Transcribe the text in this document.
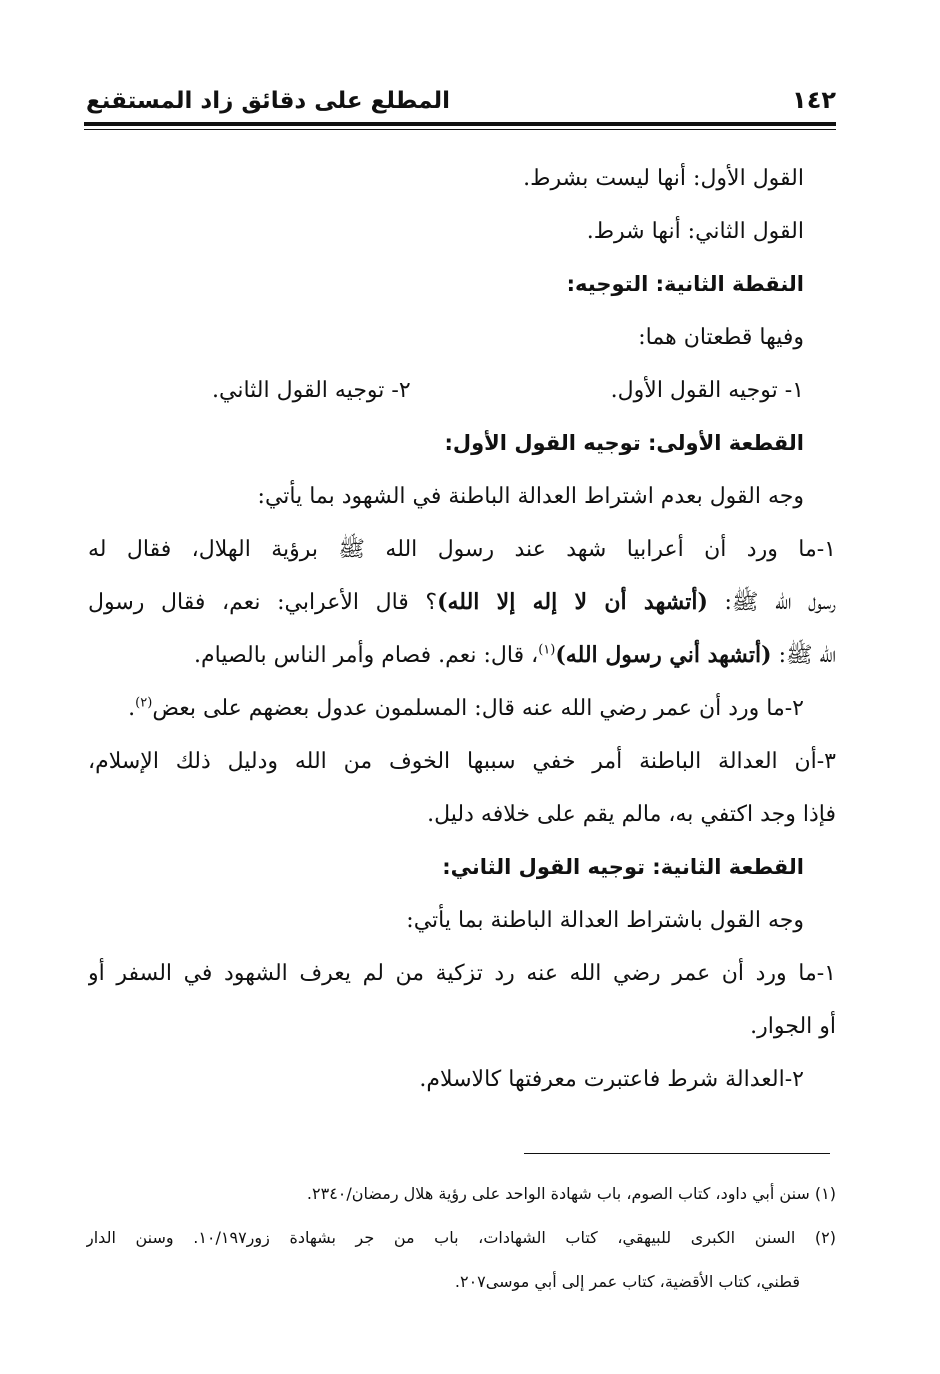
١٤٢
المطلع على دقائق زاد المستقنع
القول الأول: أنها ليست بشرط.
القول الثاني: أنها شرط.
النقطة الثانية: التوجيه:
وفيها قطعتان هما:
١- توجيه القول الأول.
٢- توجيه القول الثاني.
القطعة الأولى: توجيه القول الأول:
وجه القول بعدم اشتراط العدالة الباطنة في الشهود بما يأتي:
١-ما ورد أن أعرابيا شهد عند رسول الله ﷺ برؤية الهلال، فقال له
رسول الله ﷺ: (أتشهد أن لا إله إلا الله)؟ قال الأعرابي: نعم، فقال رسول
الله ﷺ: (أتشهد أني رسول الله)$^{(١)}$، قال: نعم. فصام وأمر الناس بالصيام.
٢-ما ورد أن عمر رضي الله عنه قال: المسلمون عدول بعضهم على بعض$^{(٢)}$.
٣-أن العدالة الباطنة أمر خفي سببها الخوف من الله ودليل ذلك الإسلام،
فإذا وجد اكتفي به، مالم يقم على خلافه دليل.
القطعة الثانية: توجيه القول الثاني:
وجه القول باشتراط العدالة الباطنة بما يأتي:
١-ما ورد أن عمر رضي الله عنه رد تزكية من لم يعرف الشهود في السفر أو
أو الجوار.
٢-العدالة شرط فاعتبرت معرفتها كالاسلام.
(١) سنن أبي داود، كتاب الصوم، باب شهادة الواحد على رؤية هلال رمضان/٢٣٤٠.
(٢) السنن الكبرى للبيهقي، كتاب الشهادات، باب من جر بشهادة زور١٠/١٩٧. وسنن الدار
قطني، كتاب الأقضية، كتاب عمر إلى أبي موسى٢٠٧.
